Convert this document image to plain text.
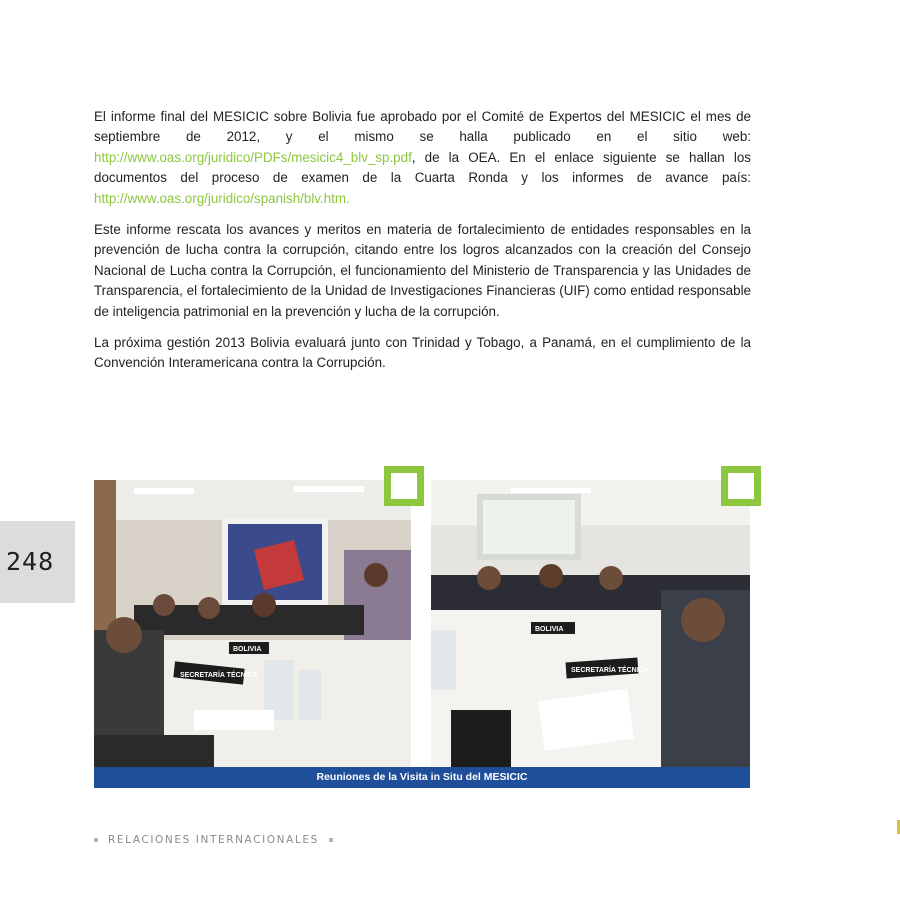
El informe final del MESICIC sobre Bolivia fue aprobado por el Comité de Expertos del MESICIC el mes de septiembre de 2012, y el mismo se halla publicado en el sitio web: http://www.oas.org/juridico/PDFs/mesicic4_blv_sp.pdf, de la OEA. En el enlace siguiente se hallan los documentos del proceso de examen de la Cuarta Ronda y los informes de avance país: http://www.oas.org/juridico/spanish/blv.htm.

Este informe rescata los avances y meritos en materia de fortalecimiento de entidades responsables en la prevención de lucha contra la corrupción, citando entre los logros alcanzados con la creación del Consejo Nacional de Lucha contra la Corrupción, el funcionamiento del Ministerio de Transparencia y las Unidades de Transparencia, el fortalecimiento de la Unidad de Investigaciones Financieras (UIF) como entidad responsable de inteligencia patrimonial en la prevención y lucha de la corrupción.

La próxima gestión 2013 Bolivia evaluará junto con Trinidad y Tobago, a Panamá, en el cumplimiento de la Convención Interamericana contra la Corrupción.

248
SECRETARÍA TÉCNICA
BOLIVIA
BOLIVIA
SECRETARÍA TÉCNICA
Reuniones de la Visita in Situ del MESICIC
RELACIONES INTERNACIONALES
